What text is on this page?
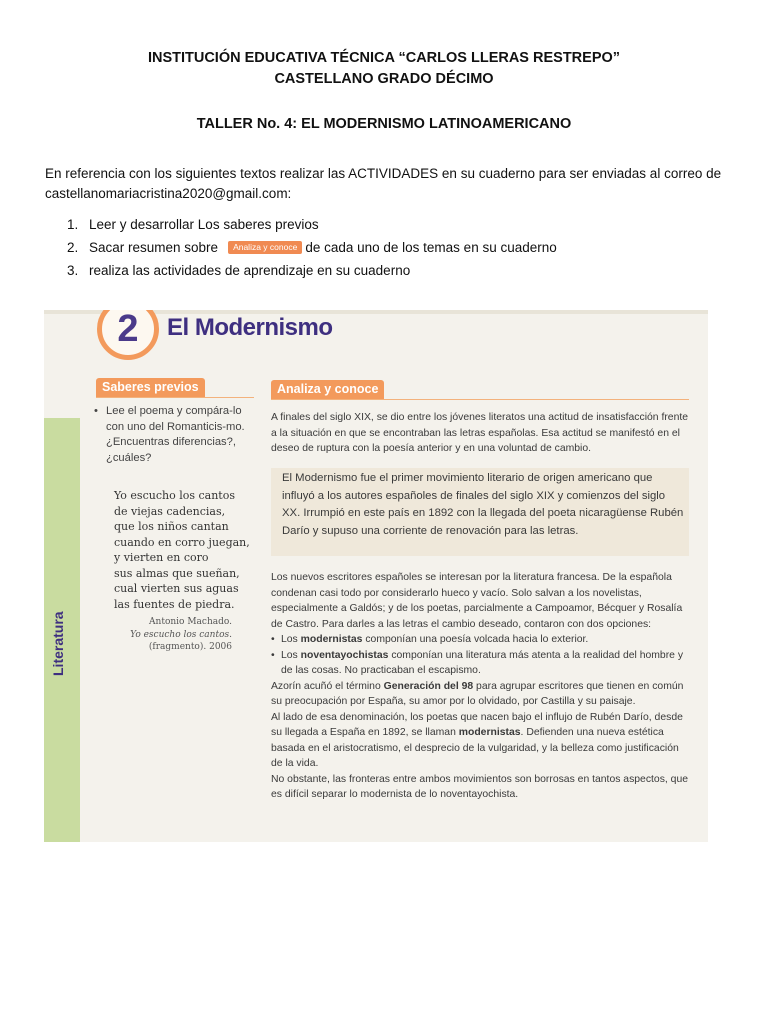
INSTITUCIÓN EDUCATIVA TÉCNICA “CARLOS LLERAS RESTREPO”
CASTELLANO GRADO DÉCIMO
TALLER No. 4: EL MODERNISMO LATINOAMERICANO
En referencia con los siguientes textos realizar las ACTIVIDADES en su cuaderno para ser enviadas al correo de
castellanomariacristina2020@gmail.com:
1. Leer y desarrollar Los saberes previos
2. Sacar resumen sobre Analiza y conoce de cada uno de los temas en su cuaderno
3. realiza las actividades de aprendizaje en su cuaderno
2	El Modernismo
Literatura
Saberes previos
• Lee el poema y compára-lo con uno del Romanticis-mo. ¿Encuentras diferencias?, ¿cuáles?
Yo escucho los cantos
de viejas cadencias,
que los niños cantan
cuando en corro juegan,
y vierten en coro
sus almas que sueñan,
cual vierten sus aguas
las fuentes de piedra.
Antonio Machado.
Yo escucho los cantos.
(fragmento). 2006
Analiza y conoce
A finales del siglo XIX, se dio entre los jóvenes literatos una actitud de insatisfacción frente a la situación en que se encontraban las letras españolas. Esa actitud se manifestó en el deseo de ruptura con la poesía anterior y en una voluntad de cambio.
El Modernismo fue el primer movimiento literario de origen americano que influyó a los autores españoles de finales del siglo XIX y comienzos del siglo XX. Irrumpió en este país en 1892 con la llegada del poeta nicaragüense Rubén Darío y supuso una corriente de renovación para las letras.

Los nuevos escritores españoles se interesan por la literatura francesa. De la española condenan casi todo por considerarlo hueco y vacío. Solo salvan a los novelistas, especialmente a Galdós; y de los poetas, parcialmente a Campoamor, Bécquer y Rosalía de Castro. Para darles a las letras el cambio deseado, contaron con dos opciones:

• Los modernistas componían una poesía volcada hacia lo exterior.
• Los noventayochistas componían una literatura más atenta a la realidad del hombre y de las cosas. No practicaban el escapismo.

Azorín acuñó el término Generación del 98 para agrupar escritores que tienen en común su preocupación por España, su amor por lo olvidado, por Castilla y su paisaje.

Al lado de esa denominación, los poetas que nacen bajo el influjo de Rubén Darío, desde su llegada a España en 1892, se llaman modernistas. Defienden una nueva estética basada en el aristocratismo, el desprecio de la vulgaridad, y la belleza como justificación de la vida.

No obstante, las fronteras entre ambos movimientos son borrosas en tantos aspectos, que es difícil separar lo modernista de lo noventayochista.
